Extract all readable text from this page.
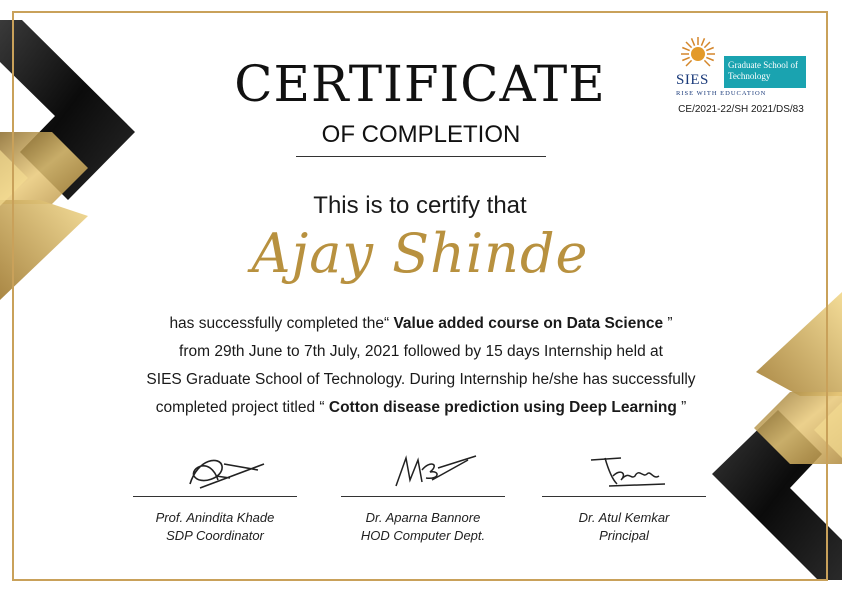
SIES
Graduate School of
Technology
RISE WITH EDUCATION
CE/2021-22/SH 2021/DS/83
CERTIFICATE
OF COMPLETION
This is to certify that
Ajay Shinde
has successfully completed the“ Value added course on Data Science ”
from 29th June to 7th July, 2021 followed by 15 days Internship held at
SIES Graduate School of Technology. During Internship he/she has successfully
completed project titled “ Cotton disease prediction using Deep Learning ”
Prof. Anindita Khade
SDP Coordinator
Dr. Aparna Bannore
HOD Computer Dept.
Dr. Atul Kemkar
Principal
